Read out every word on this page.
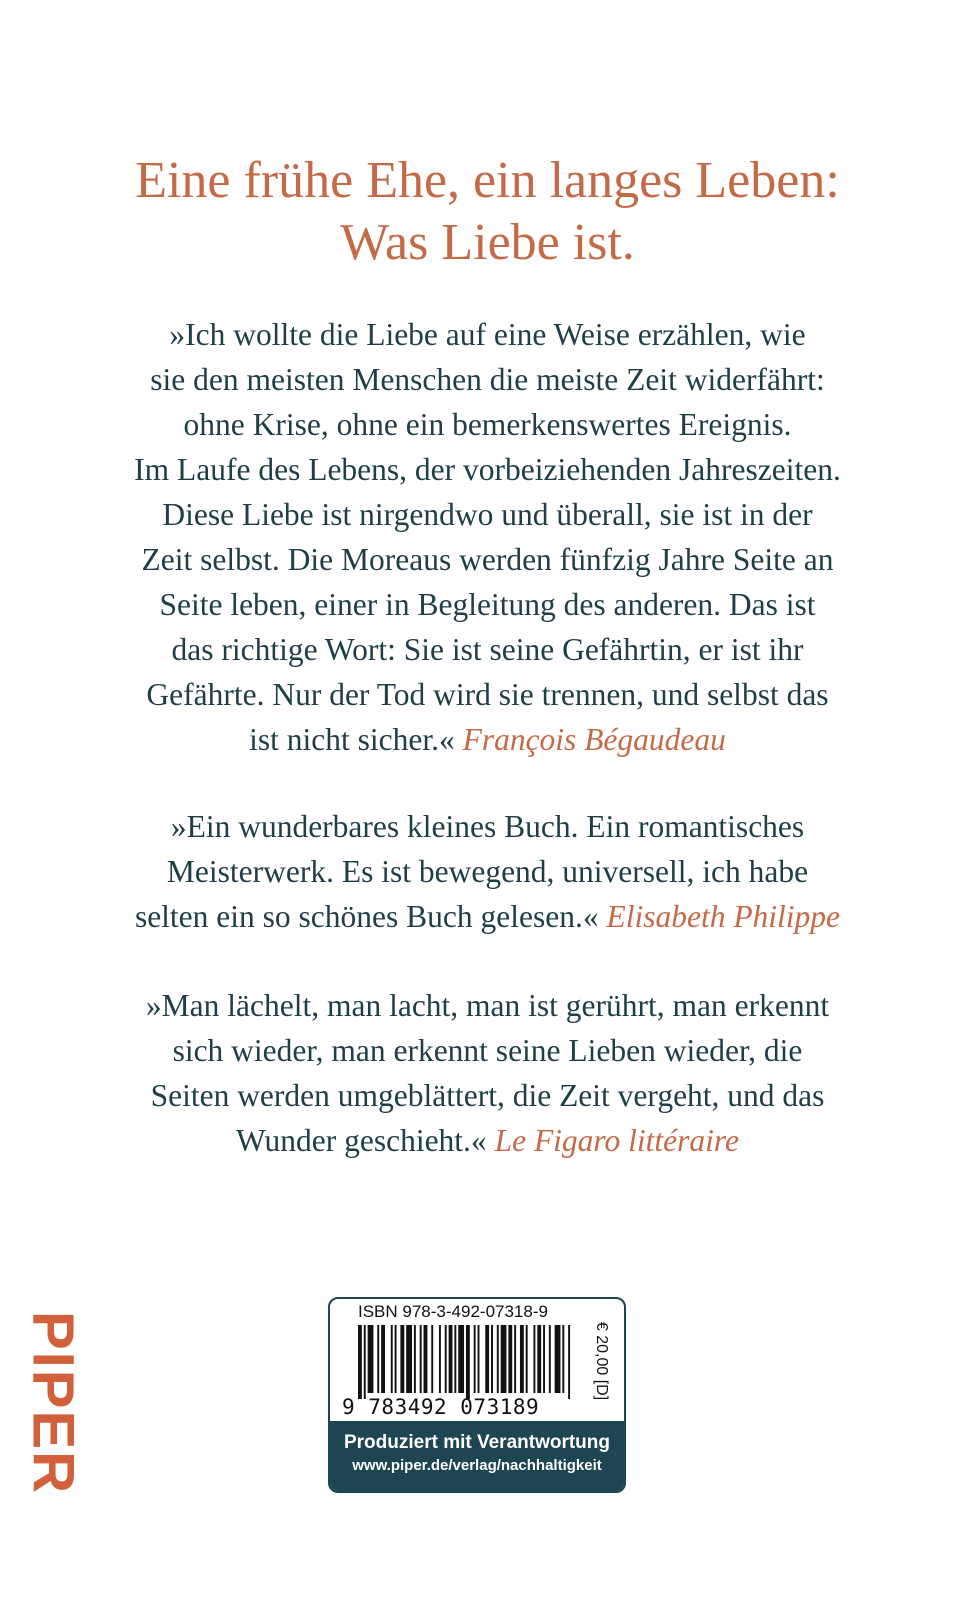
Eine frühe Ehe, ein langes Leben:
Was Liebe ist.
»Ich wollte die Liebe auf eine Weise erzählen, wie
sie den meisten Menschen die meiste Zeit widerfährt:
ohne Krise, ohne ein bemerkenswertes Ereignis.
Im Laufe des Lebens, der vorbeiziehenden Jahreszeiten.
Diese Liebe ist nirgendwo und überall, sie ist in der
Zeit selbst. Die Moreaus werden fünfzig Jahre Seite an
Seite leben, einer in Begleitung des anderen. Das ist
das richtige Wort: Sie ist seine Gefährtin, er ist ihr
Gefährte. Nur der Tod wird sie trennen, und selbst das
ist nicht sicher.« François Bégaudeau
»Ein wunderbares kleines Buch. Ein romantisches
Meisterwerk. Es ist bewegend, universell, ich habe
selten ein so schönes Buch gelesen.« Elisabeth Philippe
»Man lächelt, man lacht, man ist gerührt, man erkennt
sich wieder, man erkennt seine Lieben wieder, die
Seiten werden umgeblättert, die Zeit vergeht, und das
Wunder geschieht.« Le Figaro littéraire
PIPER	ISBN 978-3-492-07318-9
9 783492 073189
€ 20,00 [D]
Produziert mit Verantwortung
www.piper.de/verlag/nachhaltigkeit
